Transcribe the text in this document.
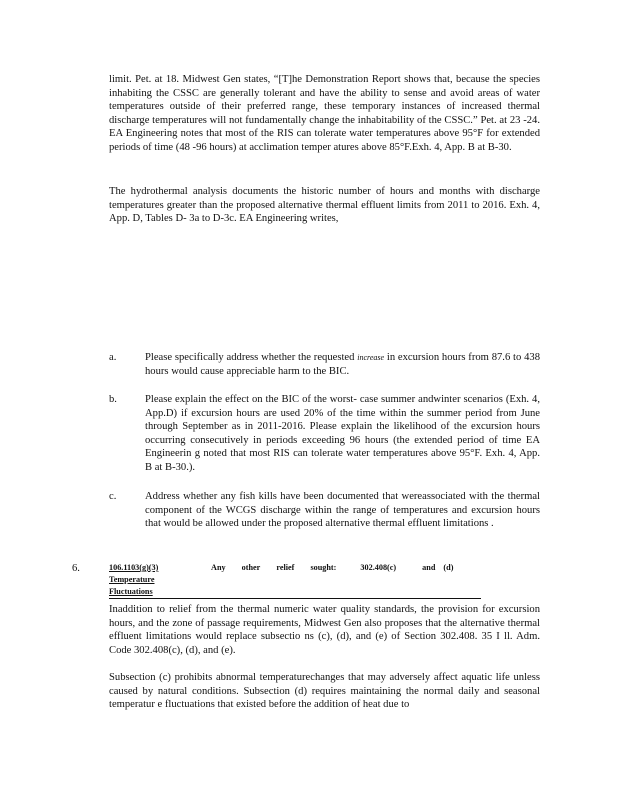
limit. Pet. at 18. Midwest Gen states, “[T]he Demonstration Report shows that, because the species inhabiting the CSSC are generally tolerant and have the ability to sense and avoid areas of water temperatures outside of their preferred range, these temporary instances of increased thermal discharge temperatures will not fundamentally change the inhabitability of the CSSC.” Pet. at 23 -24. EA Engineering notes that most of the RIS can tolerate water temperatures above 95°F for extended periods of time (48 -96 hours) at acclimation temper atures above 85°F.Exh. 4, App. B at B-30.

The hydrothermal analysis documents the historic number of hours and months with discharge temperatures greater than the proposed alternative thermal effluent limits from 2011 to 2016. Exh. 4, App. D, Tables D- 3a to D-3c. EA Engineering writes,

a.	Please specifically address whether the requested increase in excursion hours from 87.6 to 438 hours would cause appreciable harm to the BIC.

b.	Please explain the effect on the BIC of the worst- case summer andwinter scenarios (Exh. 4, App.D) if excursion hours are used 20% of the time within the summer period from June through September as in 2011-2016. Please explain the likelihood of the excursion hours occurring consecutively in periods exceeding 96 hours (the extended period of time EA Engineerin g noted that most RIS can tolerate water temperatures above 95°F. Exh. 4, App. B at B-30.).

c.	Address whether any fish kills have been documented that wereassociated with the thermal component of the WCGS discharge within the range of temperatures and excursion hours that would be allowed under the proposed alternative thermal effluent limitations .

6.	106.1103(g)(3)	Any other relief sought:	302.408(c)	and (d) Temperature
Fluctuations

Inaddition to relief from the thermal numeric water quality standards, the provision for excursion hours, and the zone of passage requirements, Midwest Gen also proposes that the alternative thermal effluent limitations would replace subsectio ns (c), (d), and (e) of Section 302.408. 35 I ll. Adm. Code 302.408(c), (d), and (e).

Subsection (c) prohibits abnormal temperaturechanges that may adversely affect aquatic life unless caused by natural conditions. Subsection (d) requires maintaining the normal daily and seasonal temperatur e fluctuations that existed before the addition of heat due to
